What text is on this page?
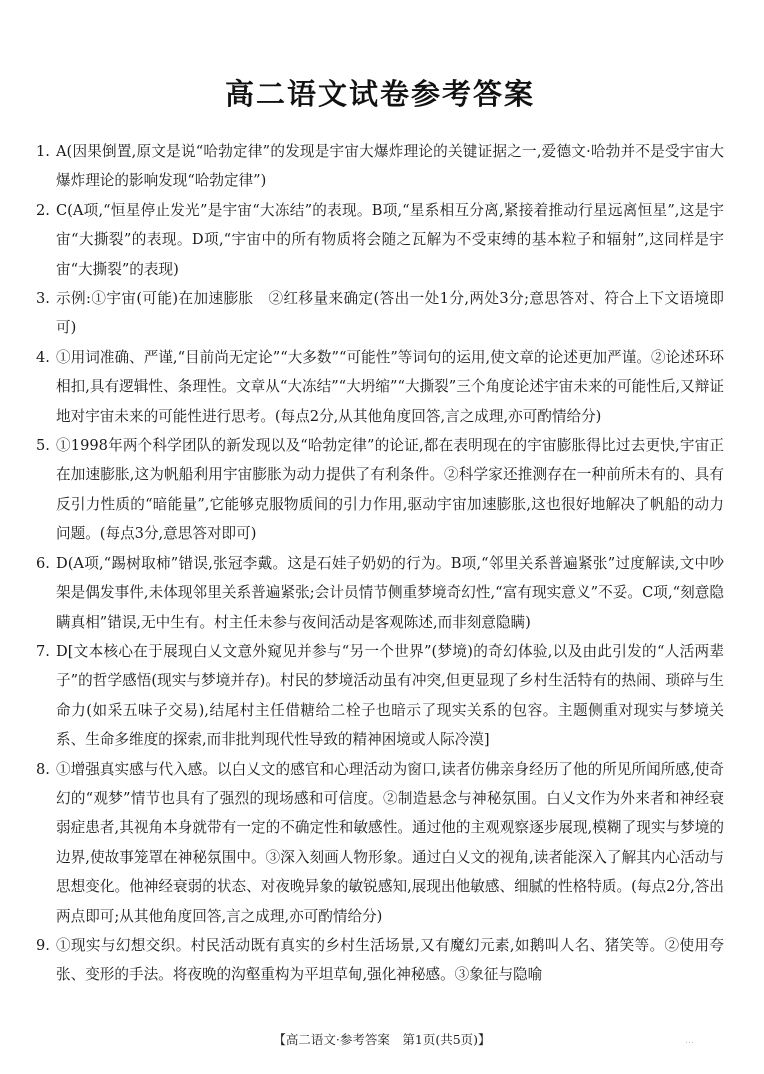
高二语文试卷参考答案
1. A(因果倒置,原文是说“哈勃定律”的发现是宇宙大爆炸理论的关键证据之一,爱德文·哈勃并不是受宇宙大爆炸理论的影响发现“哈勃定律”)
2. C(A项,“恒星停止发光”是宇宙“大冻结”的表现。B项,“星系相互分离,紧接着推动行星远离恒星”,这是宇宙“大撕裂”的表现。D项,“宇宙中的所有物质将会随之瓦解为不受束缚的基本粒子和辐射”,这同样是宇宙“大撕裂”的表现)
3. 示例:①宇宙(可能)在加速膨胀　②红移量来确定(答出一处1分,两处3分;意思答对、符合上下文语境即可)
4. ①用词准确、严谨,“目前尚无定论”“大多数”“可能性”等词句的运用,使文章的论述更加严谨。②论述环环相扣,具有逻辑性、条理性。文章从“大冻结”“大坍缩”“大撕裂”三个角度论述宇宙未来的可能性后,又辩证地对宇宙未来的可能性进行思考。(每点2分,从其他角度回答,言之成理,亦可酌情给分)
5. ①1998年两个科学团队的新发现以及“哈勃定律”的论证,都在表明现在的宇宙膨胀得比过去更快,宇宙正在加速膨胀,这为帆船利用宇宙膨胀为动力提供了有利条件。②科学家还推测存在一种前所未有的、具有反引力性质的“暗能量”,它能够克服物质间的引力作用,驱动宇宙加速膨胀,这也很好地解决了帆船的动力问题。(每点3分,意思答对即可)
6. D(A项,“踢树取柿”错误,张冠李戴。这是石娃子奶奶的行为。B项,“邻里关系普遍紧张”过度解读,文中吵架是偶发事件,未体现邻里关系普遍紧张;会计员情节侧重梦境奇幻性,“富有现实意义”不妥。C项,“刻意隐瞒真相”错误,无中生有。村主任未参与夜间活动是客观陈述,而非刻意隐瞒)
7. D[文本核心在于展现白乂文意外窥见并参与“另一个世界”(梦境)的奇幻体验,以及由此引发的“人活两辈子”的哲学感悟(现实与梦境并存)。村民的梦境活动虽有冲突,但更显现了乡村生活特有的热闹、琐碎与生命力(如采五味子交易),结尾村主任借糖给二栓子也暗示了现实关系的包容。主题侧重对现实与梦境关系、生命多维度的探索,而非批判现代性导致的精神困境或人际冷漠]
8. ①增强真实感与代入感。以白乂文的感官和心理活动为窗口,读者仿佛亲身经历了他的所见所闻所感,使奇幻的“观梦”情节也具有了强烈的现场感和可信度。②制造悬念与神秘氛围。白乂文作为外来者和神经衰弱症患者,其视角本身就带有一定的不确定性和敏感性。通过他的主观观察逐步展现,模糊了现实与梦境的边界,使故事笼罩在神秘氛围中。③深入刻画人物形象。通过白乂文的视角,读者能深入了解其内心活动与思想变化。他神经衰弱的状态、对夜晚异象的敏锐感知,展现出他敏感、细腻的性格特质。(每点2分,答出两点即可;从其他角度回答,言之成理,亦可酌情给分)
9. ①现实与幻想交织。村民活动既有真实的乡村生活场景,又有魔幻元素,如鹅叫人名、猪笑等。②使用夸张、变形的手法。将夜晚的沟壑重构为平坦草甸,强化神秘感。③象征与隐喻
【高二语文·参考答案　第1页(共5页)】	…
